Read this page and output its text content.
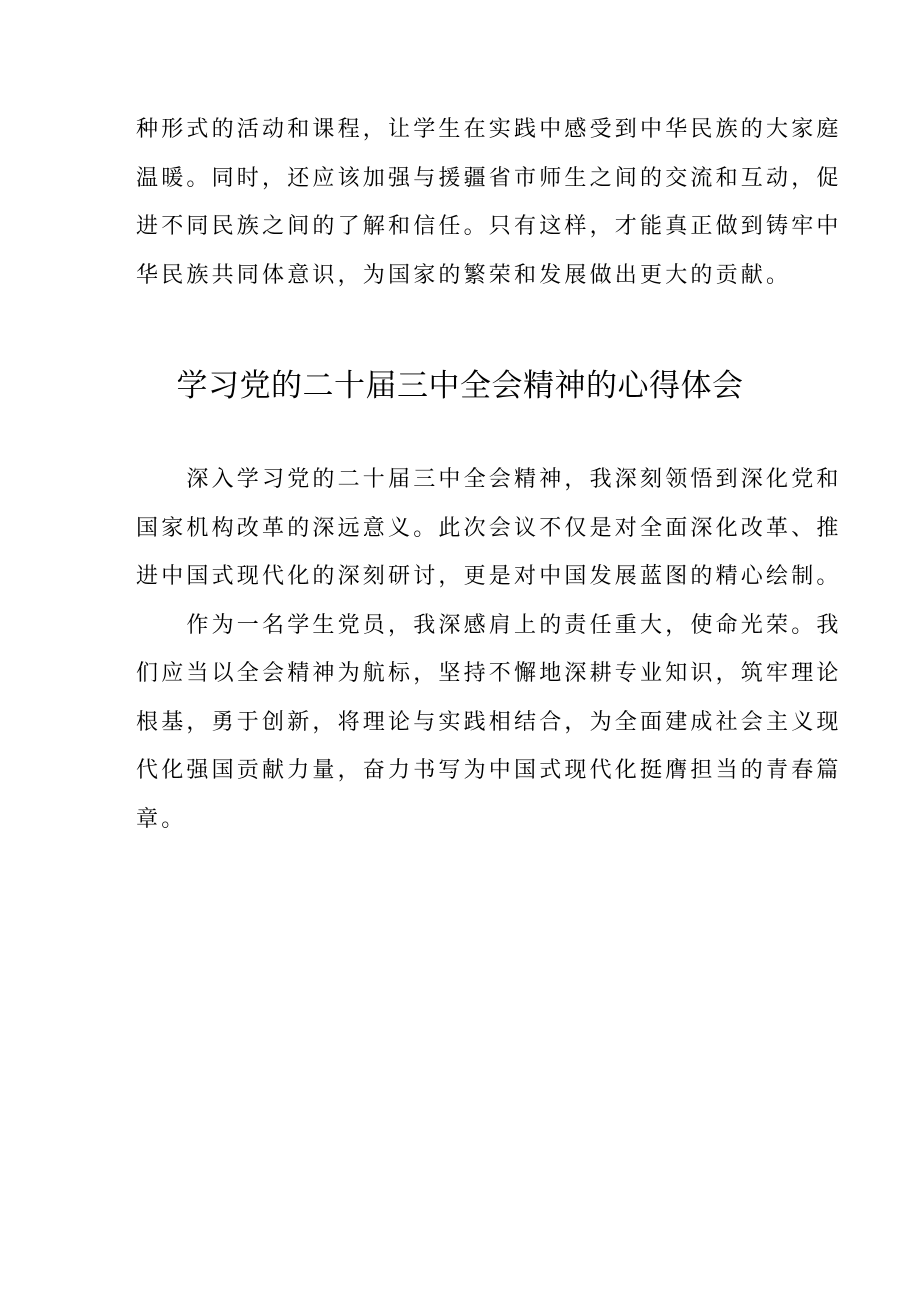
种形式的活动和课程，让学生在实践中感受到中华民族的大家庭
温暖。同时，还应该加强与援疆省市师生之间的交流和互动，促
进不同民族之间的了解和信任。只有这样，才能真正做到铸牢中
华民族共同体意识，为国家的繁荣和发展做出更大的贡献。
学习党的二十届三中全会精神的心得体会
　　深入学习党的二十届三中全会精神，我深刻领悟到深化党和
国家机构改革的深远意义。此次会议不仅是对全面深化改革、推
进中国式现代化的深刻研讨，更是对中国发展蓝图的精心绘制。
　　作为一名学生党员，我深感肩上的责任重大，使命光荣。我
们应当以全会精神为航标，坚持不懈地深耕专业知识，筑牢理论
根基，勇于创新，将理论与实践相结合，为全面建成社会主义现
代化强国贡献力量，奋力书写为中国式现代化挺膺担当的青春篇
章。
